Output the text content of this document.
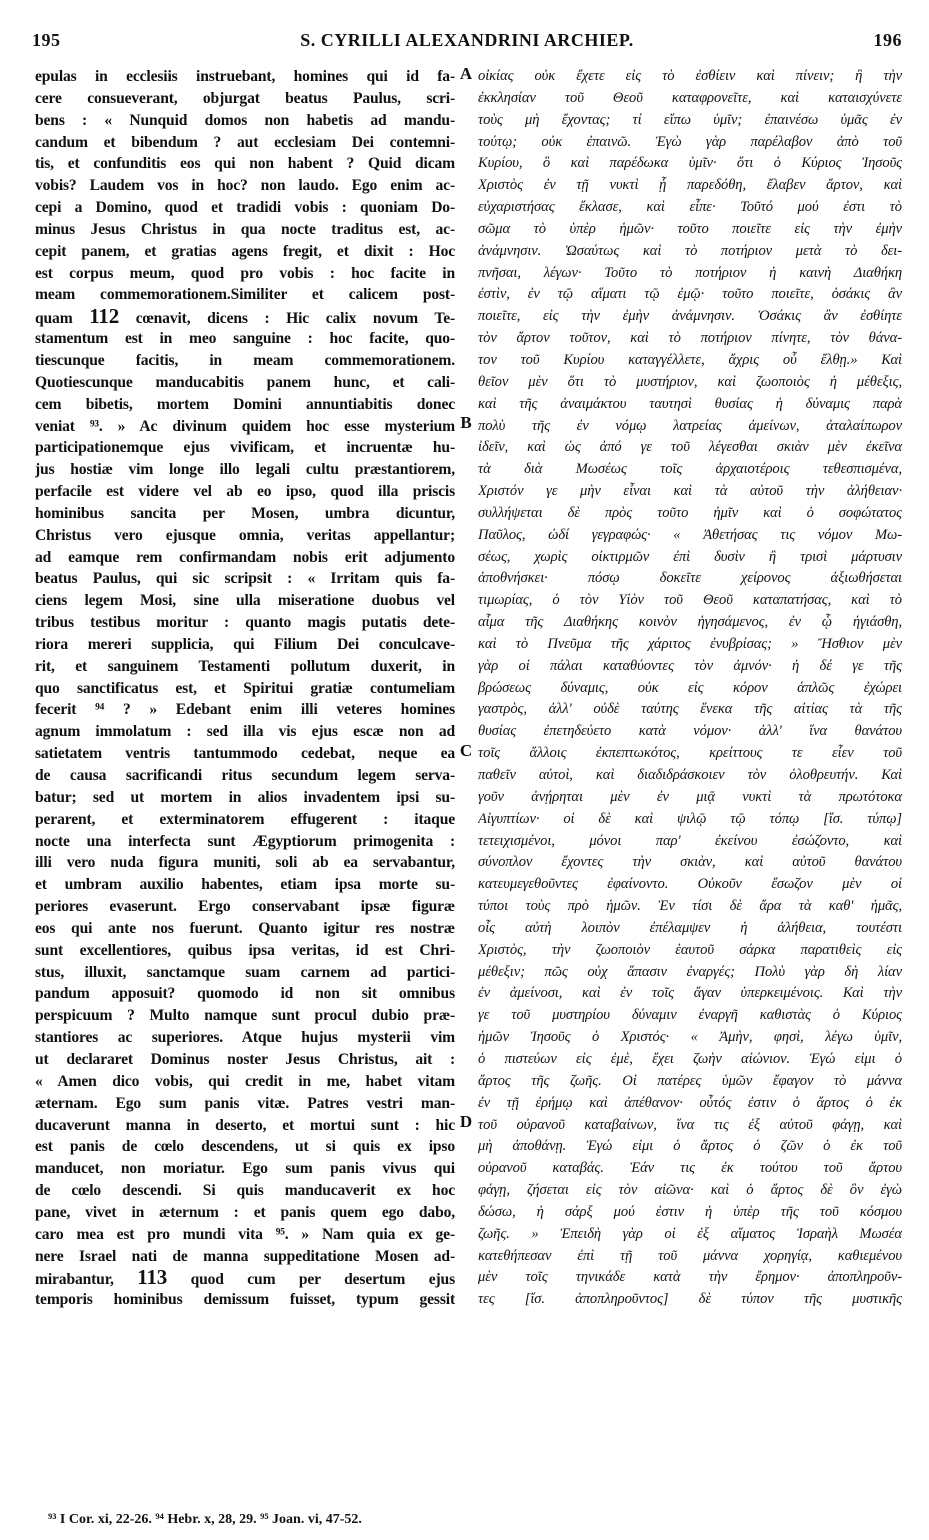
195	S. CYRILLI ALEXANDRINI ARCHIEP.	196
epulas in ecclesiis instruebant, homines qui id fa-
cere consueverant, objurgat beatus Paulus, scri-
bens : « Nunquid domos non habetis ad mandu-
candum et bibendum ? aut ecclesiam Dei contemni-
tis, et confunditis eos qui non habent ? Quid dicam
vobis? Laudem vos in hoc? non laudo. Ego enim ac-
cepi a Domino, quod et tradidi vobis : quoniam Do-
minus Jesus Christus in qua nocte traditus est, ac-
cepit panem, et gratias agens fregit, et dixit : Hoc
est corpus meum, quod pro vobis : hoc facite in
meam commemorationem.Similiter et calicem post-
quam 112 cœnavit, dicens : Hic calix novum Te-
stamentum est in meo sanguine : hoc facite, quo-
tiescunque facitis, in meam commemorationem.
Quotiescunque manducabitis panem hunc, et cali-
cem bibetis, mortem Domini annuntiabitis donec
veniat ⁹³. » Ac divinum quidem hoc esse mysterium
participationemque ejus vivificam, et incruentæ hu-
jus hostiæ vim longe illo legali cultu præstantiorem,
perfacile est videre vel ab eo ipso, quod illa priscis
hominibus sancita per Mosen, umbra dicuntur,
Christus vero ejusque omnia, veritas appellantur;
ad eamque rem confirmandam nobis erit adjumento
beatus Paulus, qui sic scripsit : « Irritam quis fa-
ciens legem Mosi, sine ulla miseratione duobus vel
tribus testibus moritur : quanto magis putatis dete-
riora mereri supplicia, qui Filium Dei conculcave-
rit, et sanguinem Testamenti pollutum duxerit, in
quo sanctificatus est, et Spiritui gratiæ contumeliam
fecerit ⁹⁴ ? » Edebant enim illi veteres homines
agnum immolatum : sed illa vis ejus escæ non ad
satietatem ventris tantummodo cedebat, neque ea
de causa sacrificandi ritus secundum legem serva-
batur; sed ut mortem in alios invadentem ipsi su-
perarent, et exterminatorem effugerent : itaque
nocte una interfecta sunt Ægyptiorum primogenita :
illi vero nuda figura muniti, soli ab ea servabantur,
et umbram auxilio habentes, etiam ipsa morte su-
periores evaserunt. Ergo conservabant ipsæ figuræ
eos qui ante nos fuerunt. Quanto igitur res nostræ
sunt excellentiores, quibus ipsa veritas, id est Chri-
stus, illuxit, sanctamque suam carnem ad partici-
pandum apposuit? quomodo id non sit omnibus
perspicuum ? Multo namque sunt procul dubio præ-
stantiores ac superiores. Atque hujus mysterii vim
ut declararet Dominus noster Jesus Christus, ait :
« Amen dico vobis, qui credit in me, habet vitam
æternam. Ego sum panis vitæ. Patres vestri man-
ducaverunt manna in deserto, et mortui sunt : hic
est panis de cœlo descendens, ut si quis ex ipso
manducet, non moriatur. Ego sum panis vivus qui
de cœlo descendi. Si quis manducaverit ex hoc
pane, vivet in æternum : et panis quem ego dabo,
caro mea est pro mundi vita ⁹⁵. » Nam quia ex ge-
nere Israel nati de manna suppeditatione Mosen ad-
mirabantur, 113 quod cum per desertum ejus
temporis hominibus demissum fuisset, typum gessit
οἰκίας οὐκ ἔχετε εἰς τὸ ἐσθίειν καὶ πίνειν; ἢ τὴν
ἐκκλησίαν τοῦ Θεοῦ καταφρονεῖτε, καὶ καταισχύνετε
τοὺς μὴ ἔχοντας; τί εἴπω ὑμῖν; ἐπαινέσω ὑμᾶς ἐν
τούτῳ; οὐκ ἐπαινῶ. Ἐγὼ γὰρ παρέλαβον ἀπὸ τοῦ
Κυρίου, ὃ καὶ παρέδωκα ὑμῖν· ὅτι ὁ Κύριος Ἰησοῦς
Χριστὸς ἐν τῇ νυκτὶ ᾗ παρεδόθη, ἔλαβεν ἄρτον, καὶ
εὐχαριστήσας ἔκλασε, καὶ εἶπε· Τοῦτό μού ἐστι τὸ
σῶμα τὸ ὑπὲρ ἡμῶν· τοῦτο ποιεῖτε εἰς τὴν ἐμὴν
ἀνάμνησιν. Ὡσαύτως καὶ τὸ ποτήριον μετὰ τὸ δει-
πνῆσαι, λέγων· Τοῦτο τὸ ποτήριον ἡ καινὴ Διαθήκη
ἐστὶν, ἐν τῷ αἵματι τῷ ἐμῷ· τοῦτο ποιεῖτε, ὁσάκις ἂν
ποιεῖτε, εἰς τὴν ἐμὴν ἀνάμνησιν. Ὁσάκις ἂν ἐσθίητε
τὸν ἄρτον τοῦτον, καὶ τὸ ποτήριον πίνητε, τὸν θάνα-
τον τοῦ Κυρίου καταγγέλλετε, ἄχρις οὗ ἔλθῃ.» Καὶ
θεῖον μὲν ὅτι τὸ μυστήριον, καὶ ζωοποιὸς ἡ μέθεξις,
καὶ τῆς ἀναιμάκτου ταυτησὶ θυσίας ἡ δύναμις παρὰ
πολὺ τῆς ἐν νόμῳ λατρείας ἀμείνων, ἀταλαίπωρον
ἰδεῖν, καὶ ὡς ἀπό γε τοῦ λέγεσθαι σκιὰν μὲν ἐκεῖνα
τὰ διὰ Μωσέως τοῖς ἀρχαιοτέροις τεθεσπισμένα,
Χριστόν γε μὴν εἶναι καὶ τὰ αὐτοῦ τὴν ἀλήθειαν·
συλλήψεται δὲ πρὸς τοῦτο ἡμῖν καὶ ὁ σοφώτατος
Παῦλος, ὡδί γεγραφώς· « Ἀθετήσας τις νόμον Μω-
σέως, χωρὶς οἰκτιρμῶν ἐπὶ δυσὶν ἢ τρισὶ μάρτυσιν
ἀποθνήσκει· πόσῳ δοκεῖτε χείρονος ἀξιωθήσεται
τιμωρίας, ὁ τὸν Υἱὸν τοῦ Θεοῦ καταπατήσας, καὶ τὸ
αἷμα τῆς Διαθήκης κοινὸν ἡγησάμενος, ἐν ᾧ ἡγιάσθη,
καὶ τὸ Πνεῦμα τῆς χάριτος ἐνυβρίσας; » Ἤσθιον μὲν
γὰρ οἱ πάλαι καταθύοντες τὸν ἀμνόν· ἡ δέ γε τῆς
βρώσεως δύναμις, οὐκ εἰς κόρον ἁπλῶς ἐχώρει
γαστρὸς, ἀλλ' οὐδὲ ταύτης ἕνεκα τῆς αἰτίας τὰ τῆς
θυσίας ἐπετηδεύετο κατὰ νόμον· ἀλλ' ἵνα θανάτου
τοῖς ἄλλοις ἐκπεπτωκότος, κρείττους τε εἶεν τοῦ
παθεῖν αὐτοὶ, καὶ διαδιδράσκοιεν τὸν ὀλοθρευτήν. Καὶ
γοῦν ἀνῄρηται μὲν ἐν μιᾷ νυκτὶ τὰ πρωτότοκα
Αἰγυπτίων· οἱ δὲ καὶ ψιλῷ τῷ τόπῳ [ἴσ. τύπῳ]
τετειχισμένοι, μόνοι παρ' ἐκείνου ἐσώζοντο, καὶ
σύνοπλον ἔχοντες τὴν σκιὰν, καὶ αὐτοῦ θανάτου
κατευμεγεθοῦντες ἐφαίνοντο. Οὐκοῦν ἔσωζον μὲν οἱ
τύποι τοὺς πρὸ ἡμῶν. Ἐν τίσι δὲ ἄρα τὰ καθ' ἡμᾶς,
οἷς αὐτὴ λοιπὸν ἐπέλαμψεν ἡ ἀλήθεια, τουτέστι
Χριστὸς, τὴν ζωοποιὸν ἑαυτοῦ σάρκα παρατιθεὶς εἰς
μέθεξιν; πῶς οὐχ ἅπασιν ἐναργές; Πολὺ γὰρ δὴ λίαν
ἐν ἀμείνοσι, καὶ ἐν τοῖς ἄγαν ὑπερκειμένοις. Καὶ τὴν
γε τοῦ μυστηρίου δύναμιν ἐναργῆ καθιστὰς ὁ Κύριος
ἡμῶν Ἰησοῦς ὁ Χριστός· « Ἀμὴν, φησὶ, λέγω ὑμῖν,
ὁ πιστεύων εἰς ἐμὲ, ἔχει ζωὴν αἰώνιον. Ἐγώ εἰμι ὁ
ἄρτος τῆς ζωῆς. Οἱ πατέρες ὑμῶν ἔφαγον τὸ μάννα
ἐν τῇ ἐρήμῳ καὶ ἀπέθανον· οὗτός ἐστιν ὁ ἄρτος ὁ ἐκ
τοῦ οὐρανοῦ καταβαίνων, ἵνα τις ἐξ αὐτοῦ φάγῃ, καὶ
μὴ ἀποθάνῃ. Ἐγώ εἰμι ὁ ἄρτος ὁ ζῶν ὁ ἐκ τοῦ
οὐρανοῦ καταβάς. Ἐάν τις ἐκ τούτου τοῦ ἄρτου
φάγῃ, ζήσεται εἰς τὸν αἰῶνα· καὶ ὁ ἄρτος δὲ ὃν ἐγὼ
δώσω, ἡ σάρξ μού ἐστιν ἡ ὑπὲρ τῆς τοῦ κόσμου
ζωῆς. » Ἐπειδὴ γὰρ οἱ ἐξ αἵματος Ἰσραὴλ Μωσέα
κατεθήπεσαν ἐπὶ τῇ τοῦ μάννα χορηγίᾳ, καθιεμένου
μὲν τοῖς τηνικάδε κατὰ τὴν ἔρημον· ἀποπληροῦν-
τες [ἴσ. ἀποπληροῦντος] δὲ τύπον τῆς μυστικῆς
A
B
C
D
⁹³ I Cor. xi, 22-26. ⁹⁴ Hebr. x, 28, 29. ⁹⁵ Joan. vi, 47-52.
